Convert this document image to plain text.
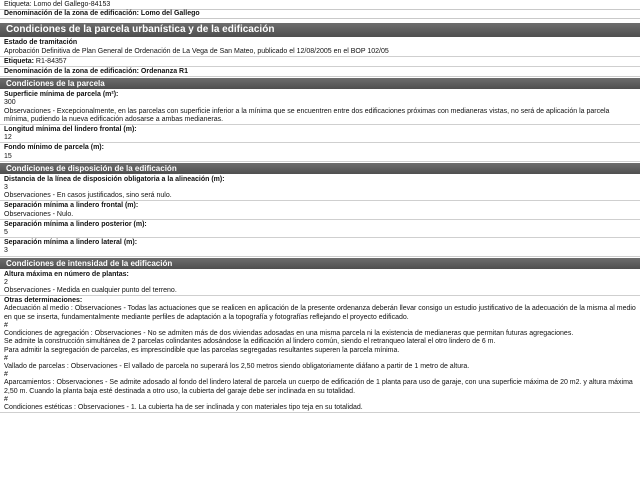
Etiqueta: Lomo del Gallego-84153
Denominación de la zona de edificación: Lomo del Gallego
Condiciones de la parcela urbanística y de la edificación
Estado de tramitación
Aprobación Definitiva de Plan General de Ordenación de La Vega de San Mateo, publicado el 12/08/2005 en el BOP 102/05
Etiqueta: R1-84357
Denominación de la zona de edificación: Ordenanza R1
Condiciones de la parcela
Superficie mínima de parcela (m²):
300
Observaciones - Excepcionalmente, en las parcelas con superficie inferior a la mínima que se encuentren entre dos edificaciones próximas con medianeras vistas, no será de aplicación la parcela mínima, pudiendo la nueva edificación adosarse a ambas medianeras.
Longitud mínima del lindero frontal (m):
12
Fondo mínimo de parcela (m):
15
Condiciones de disposición de la edificación
Distancia de la línea de disposición obligatoria a la alineación (m):
3
Observaciones - En casos justificados, sino será nulo.
Separación mínima a lindero frontal (m):
Observaciones - Nulo.
Separación mínima a lindero posterior (m):
5
Separación mínima a lindero lateral (m):
3
Condiciones de intensidad de la edificación
Altura máxima en número de plantas:
2
Observaciones - Medida en cualquier punto del terreno.
Otras determinaciones:

Adecuación al medio : Observaciones - Todas las actuaciones que se realicen en aplicación de la presente ordenanza deberán llevar consigo un estudio justificativo de la adecuación de la misma al medio en que se inserta, fundamentalmente mediante perfiles de adaptación a la topografía y fotografías reflejando el proyecto edificado.

#

Condiciones de agregación : Observaciones - No se admiten más de dos viviendas adosadas en una misma parcela ni la existencia de medianeras que permitan futuras agregaciones.

Se admite la construcción simultánea de 2 parcelas colindantes adosándose la edificación al lindero común, siendo el retranqueo lateral el otro lindero de 6 m.

Para admitir la segregación de parcelas, es imprescindible que las parcelas segregadas resultantes superen la parcela mínima.

#

Vallado de parcelas : Observaciones - El vallado de parcela no superará los 2,50 metros siendo obligatoriamente diáfano a partir de 1 metro de altura.

#

Aparcamientos : Observaciones - Se admite adosado al fondo del lindero lateral de parcela un cuerpo de edificación de 1 planta para uso de garaje, con una superficie máxima de 20 m2. y altura máxima 2,50 m. Cuando la planta baja esté destinada a otro uso, la cubierta del garaje debe ser inclinada en su totalidad.

#

Condiciones estéticas : Observaciones - 1. La cubierta ha de ser inclinada y con materiales tipo teja en su totalidad.
